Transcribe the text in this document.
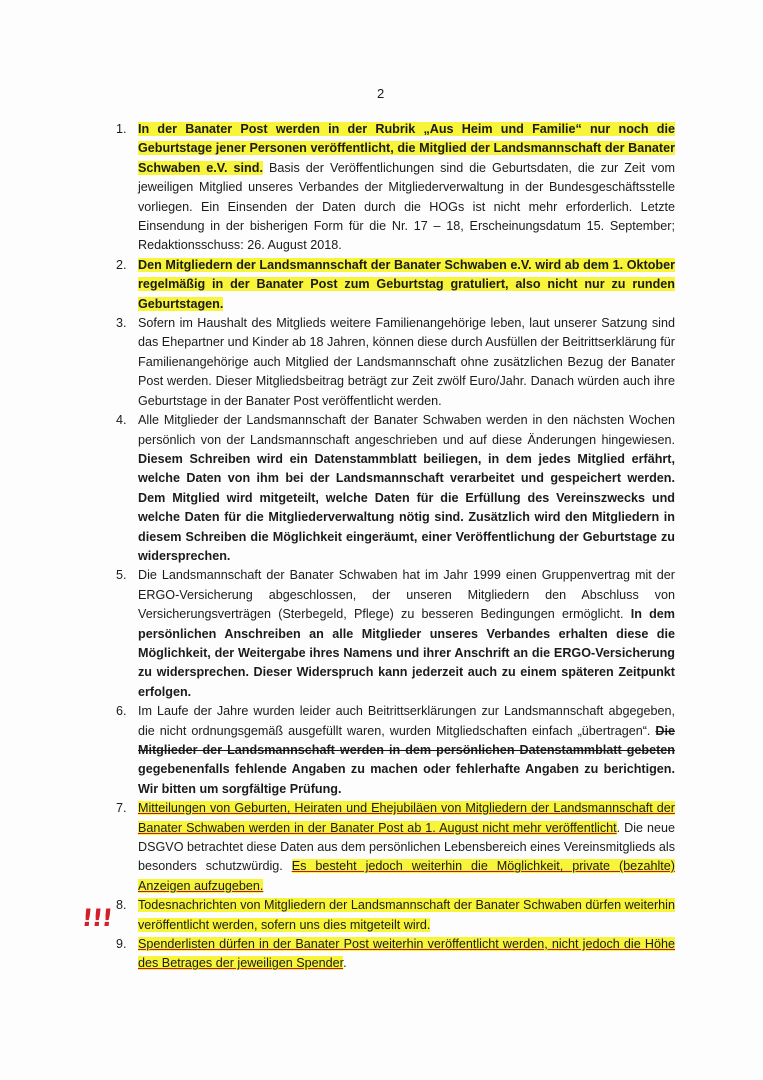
2
1. In der Banater Post werden in der Rubrik „Aus Heim und Familie“ nur noch die Geburtstage jener Personen veröffentlicht, die Mitglied der Landsmannschaft der Banater Schwaben e.V. sind. Basis der Veröffentlichungen sind die Geburtsdaten, die zur Zeit vom jeweiligen Mitglied unseres Verbandes der Mitgliederverwaltung in der Bundesgeschäftsstelle vorliegen. Ein Einsenden der Daten durch die HOGs ist nicht mehr erforderlich. Letzte Einsendung in der bisherigen Form für die Nr. 17 – 18, Erscheinungsdatum 15. September; Redaktionsschuss: 26. August 2018.
2. Den Mitgliedern der Landsmannschaft der Banater Schwaben e.V. wird ab dem 1. Oktober regelmäßig in der Banater Post zum Geburtstag gratuliert, also nicht nur zu runden Geburtstagen.
3. Sofern im Haushalt des Mitglieds weitere Familienangehörige leben, laut unserer Satzung sind das Ehepartner und Kinder ab 18 Jahren, können diese durch Ausfüllen der Beitrittserklärung für Familienangehörige auch Mitglied der Landsmannschaft ohne zusätzlichen Bezug der Banater Post werden. Dieser Mitgliedsbeitrag beträgt zur Zeit zwölf Euro/Jahr. Danach würden auch ihre Geburtstage in der Banater Post veröffentlicht werden.
4. Alle Mitglieder der Landsmannschaft der Banater Schwaben werden in den nächsten Wochen persönlich von der Landsmannschaft angeschrieben und auf diese Änderungen hingewiesen. Diesem Schreiben wird ein Datenstammblatt beiliegen, in dem jedes Mitglied erfährt, welche Daten von ihm bei der Landsmannschaft verarbeitet und gespeichert werden. Dem Mitglied wird mitgeteilt, welche Daten für die Erfüllung des Vereinszwecks und welche Daten für die Mitgliederverwaltung nötig sind. Zusätzlich wird den Mitgliedern in diesem Schreiben die Möglichkeit eingeräumt, einer Veröffentlichung der Geburtstage zu widersprechen.
5. Die Landsmannschaft der Banater Schwaben hat im Jahr 1999 einen Gruppenvertrag mit der ERGO-Versicherung abgeschlossen, der unseren Mitgliedern den Abschluss von Versicherungsverträgen (Sterbegeld, Pflege) zu besseren Bedingungen ermöglicht. In dem persönlichen Anschreiben an alle Mitglieder unseres Verbandes erhalten diese die Möglichkeit, der Weitergabe ihres Namens und ihrer Anschrift an die ERGO-Versicherung zu widersprechen. Dieser Widerspruch kann jederzeit auch zu einem späteren Zeitpunkt erfolgen.
6. Im Laufe der Jahre wurden leider auch Beitrittserklärungen zur Landsmannschaft abgegeben, die nicht ordnungsgemäß ausgefüllt waren, wurden Mitgliedschaften einfach „übertragen“. Die Mitglieder der Landsmannschaft werden in dem persönlichen Datenstammblatt gebeten gegebenenfalls fehlende Angaben zu machen oder fehlerhafte Angaben zu berichtigen. Wir bitten um sorgfältige Prüfung.
7. Mitteilungen von Geburten, Heiraten und Ehejubiläen von Mitgliedern der Landsmannschaft der Banater Schwaben werden in der Banater Post ab 1. August nicht mehr veröffentlicht. Die neue DSGVO betrachtet diese Daten aus dem persönlichen Lebensbereich eines Vereinsmitglieds als besonders schutzwürdig. Es besteht jedoch weiterhin die Möglichkeit, private (bezahlte) Anzeigen aufzugeben.
8. Todesnachrichten von Mitgliedern der Landsmannschaft der Banater Schwaben dürfen weiterhin veröffentlicht werden, sofern uns dies mitgeteilt wird.
9. Spenderlisten dürfen in der Banater Post weiterhin veröffentlicht werden, nicht jedoch die Höhe des Betrages der jeweiligen Spender.
!!!
